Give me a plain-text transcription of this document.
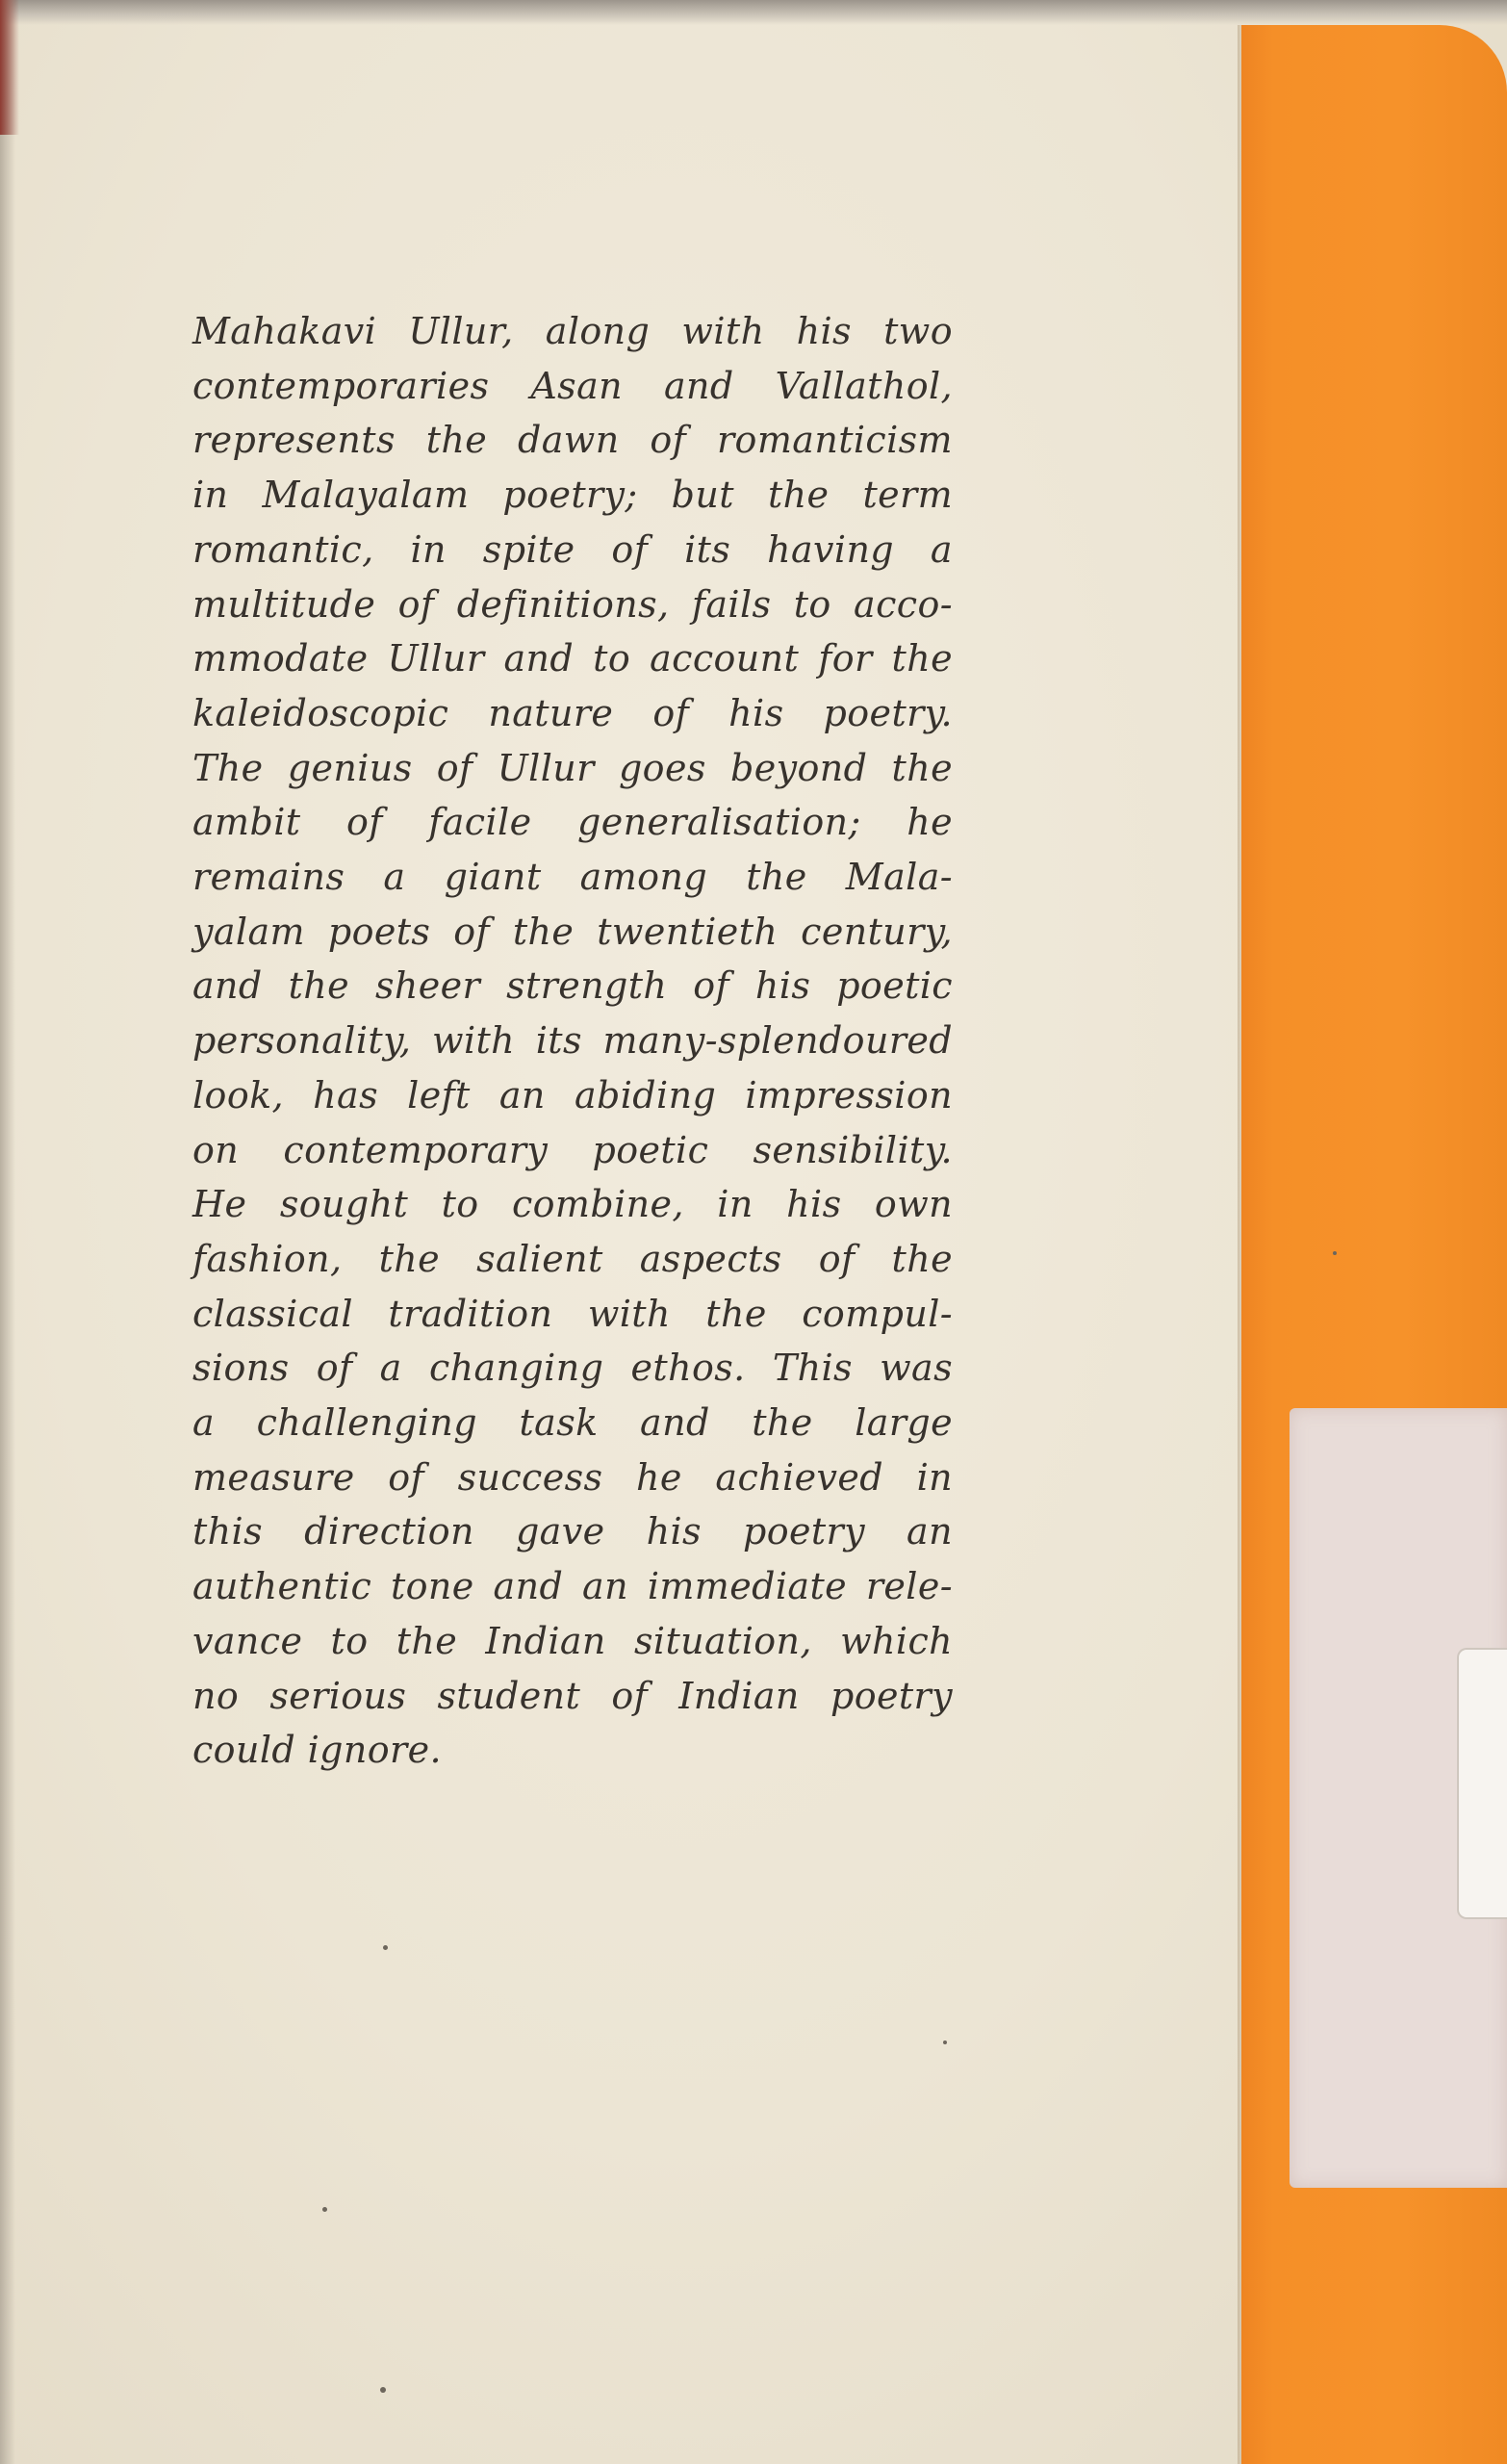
Mahakavi Ullur, along with his two
contemporaries Asan and Vallathol,
represents the dawn of romanticism
in Malayalam poetry; but the term
romantic, in spite of its having a
multitude of definitions, fails to acco-
mmodate Ullur and to account for the
kaleidoscopic nature of his poetry.
The genius of Ullur goes beyond the
ambit of facile generalisation; he
remains a giant among the Mala-
yalam poets of the twentieth century,
and the sheer strength of his poetic
personality, with its many-splendoured
look, has left an abiding impression
on contemporary poetic sensibility.
He sought to combine, in his own
fashion, the salient aspects of the
classical tradition with the compul-
sions of a changing ethos. This was
a challenging task and the large
measure of success he achieved in
this direction gave his poetry an
authentic tone and an immediate rele-
vance to the Indian situation, which
no serious student of Indian poetry
could ignore.
